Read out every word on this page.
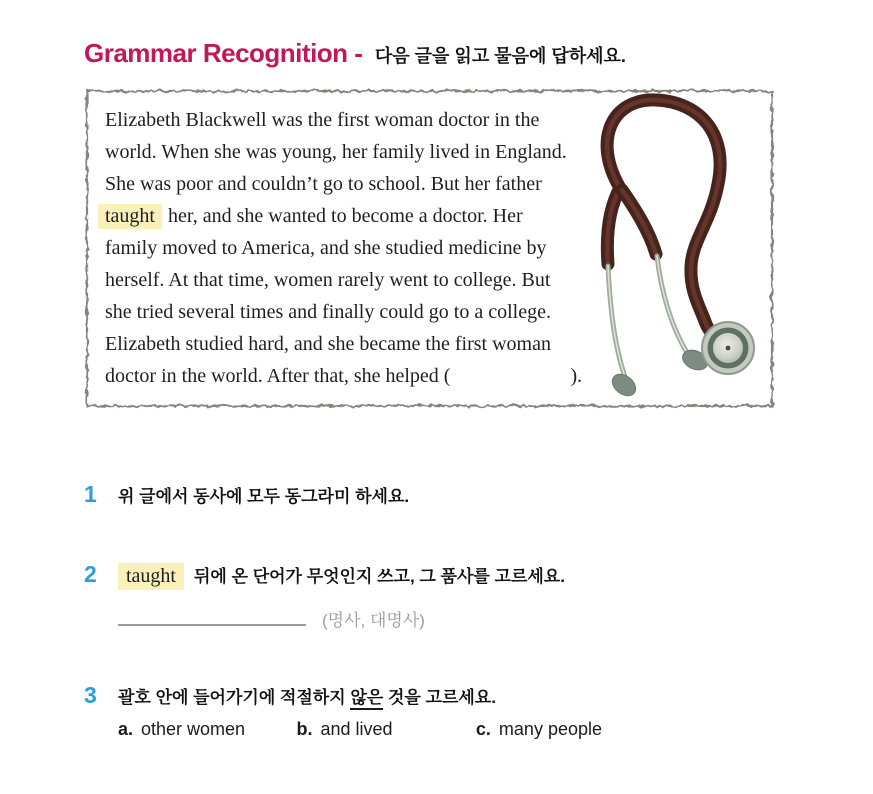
Grammar Recognition - 다음 글을 읽고 물음에 답하세요.
Elizabeth Blackwell was the first woman doctor in the
world. When she was young, her family lived in England.
She was poor and couldn’t go to school. But her father
taught her, and she wanted to become a doctor. Her
family moved to America, and she studied medicine by
herself. At that time, women rarely went to college. But
she tried several times and finally could go to a college.
Elizabeth studied hard, and she became the first woman
doctor in the world. After that, she helped (                        ).
1 위 글에서 동사에 모두 동그라미 하세요.
2 taught 뒤에 온 단어가 무엇인지 쓰고, 그 품사를 고르세요.
(명사, 대명사)
3 괄호 안에 들어가기에 적절하지 않은 것을 고르세요.
a. other women	b. and lived	c. many people
